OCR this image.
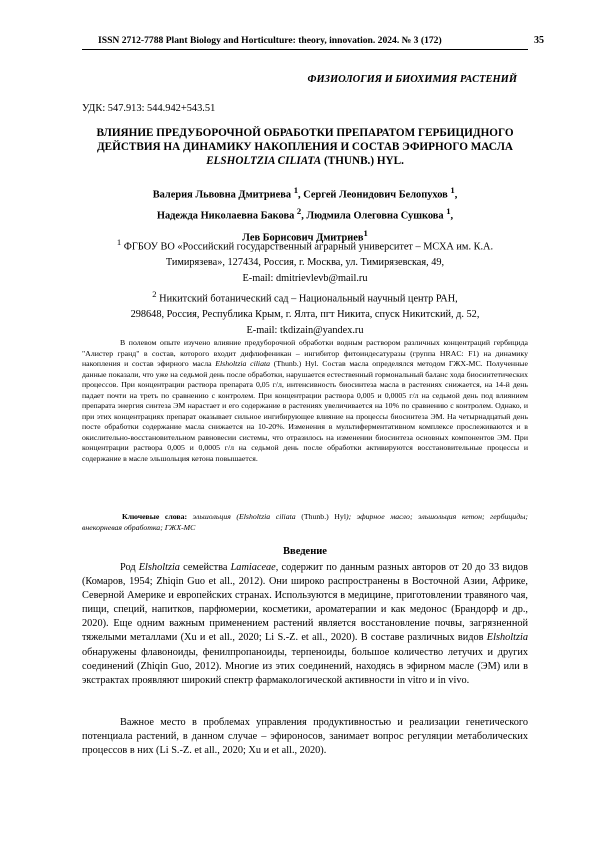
ISSN 2712-7788 Plant Biology and Horticulture: theory, innovation. 2024. № 3 (172)	35
ФИЗИОЛОГИЯ И БИОХИМИЯ РАСТЕНИЙ
УДК: 547.913: 544.942+543.51
ВЛИЯНИЕ ПРЕДУБОРОЧНОЙ ОБРАБОТКИ ПРЕПАРАТОМ ГЕРБИЦИДНОГО
ДЕЙСТВИЯ НА ДИНАМИКУ НАКОПЛЕНИЯ И СОСТАВ ЭФИРНОГО МАСЛА
ELSHOLTZIA CILIATA (THUNB.) HYL.
Валерия Львовна Дмитриева $^1$, Сергей Леонидович Белопухов $^1$,
Надежда Николаевна Бакова $^2$, Людмила Олеговна Сушкова $^1$,
Лев Борисович Дмитриев$^1$
$^1$ ФГБОУ ВО «Российский государственный аграрный университет – МСХА им. К.А.
Тимирязева», 127434, Россия, г. Москва, ул. Тимирязевская, 49,
E-mail: dmitrievlevb@mail.ru
$^2$ Никитский ботанический сад – Национальный научный центр РАН,
298648, Россия, Республика Крым, г. Ялта, пгт Никита, спуск Никитский, д. 52,
E-mail: tkdizain@yandex.ru

В полевом опыте изучено влияние предуборочной обработки водным раствором различных концентраций гербицида "Алистер гранд" в состав, которого входит дифлюфеникан – ингибитор фитоиндесатуразы (группа HRAC: F1) на динамику накопления и состав эфирного масла Elsholtzia ciliata (Thunb.) Hyl. Состав масла определялся методом ГЖХ-МС. Полученные данные показали, что уже на седьмой день после обработки, нарушается естественный гормональный баланс хода биосинтетических процессов. При концентрации раствора препарата 0,05 г/л, интенсивность биосинтеза масла в растениях снижается, на 14-й день падает почти на треть по сравнению с контролем. При концентрации раствора 0,005 и 0,0005 г/л на седьмой день под влиянием препарата энергия синтеза ЭМ нарастает и его содержание в растениях увеличивается на 10% по сравнению с контролем. Однако, и при этих концентрациях препарат оказывает сильное ингибирующее влияние на процессы биосинтеза ЭМ. На четырнадцатый день посте обработки содержание масла снижается на 10-20%. Изменения в мультиферментативном комплексе прослеживаются и в окислительно-восстановительном равновесии системы, что отразилось на изменении биосинтеза основных компонентов ЭМ. При концентрации раствора 0,005 и 0,0005 г/л на седьмой день после обработки активируются восстановительные процессы и содержание в масле эльшольция кетона повышается.

Ключевые слова: эльшольция (Elsholtzia ciliata (Thunb.) Hyl); эфирное масло; эльшольция кетон; гербициды; внекорневая обработка; ГЖХ-МС

Введение

Род Elsholtzia семейства Lamiaceae, содержит по данным разных авторов от 20 до 33 видов (Комаров, 1954; Zhiqin Guo et all., 2012). Они широко распространены в Восточной Азии, Африке, Северной Америке и европейских странах. Используются в медицине, приготовлении травяного чая, пищи, специй, напитков, парфюмерии, косметики, ароматерапии и как медонос (Брандорф и др., 2020). Еще одним важным применением растений является восстановление почвы, загрязненной тяжелыми металлами (Xu и et all., 2020; Li S.-Z. et all., 2020). В составе различных видов Elsholtzia обнаружены флавоноиды, фенилпропаноиды, терпеноиды, большое количество летучих и других соединений (Zhiqin Guo, 2012). Многие из этих соединений, находясь в эфирном масле (ЭМ) или в экстрактах проявляют широкий спектр фармакологической активности in vitro и in vivo.

Важное место в проблемах управления продуктивностью и реализации генетического потенциала растений, в данном случае – эфироносов, занимает вопрос регуляции метаболических процессов в них (Li S.-Z. et all., 2020; Xu и et all., 2020).
